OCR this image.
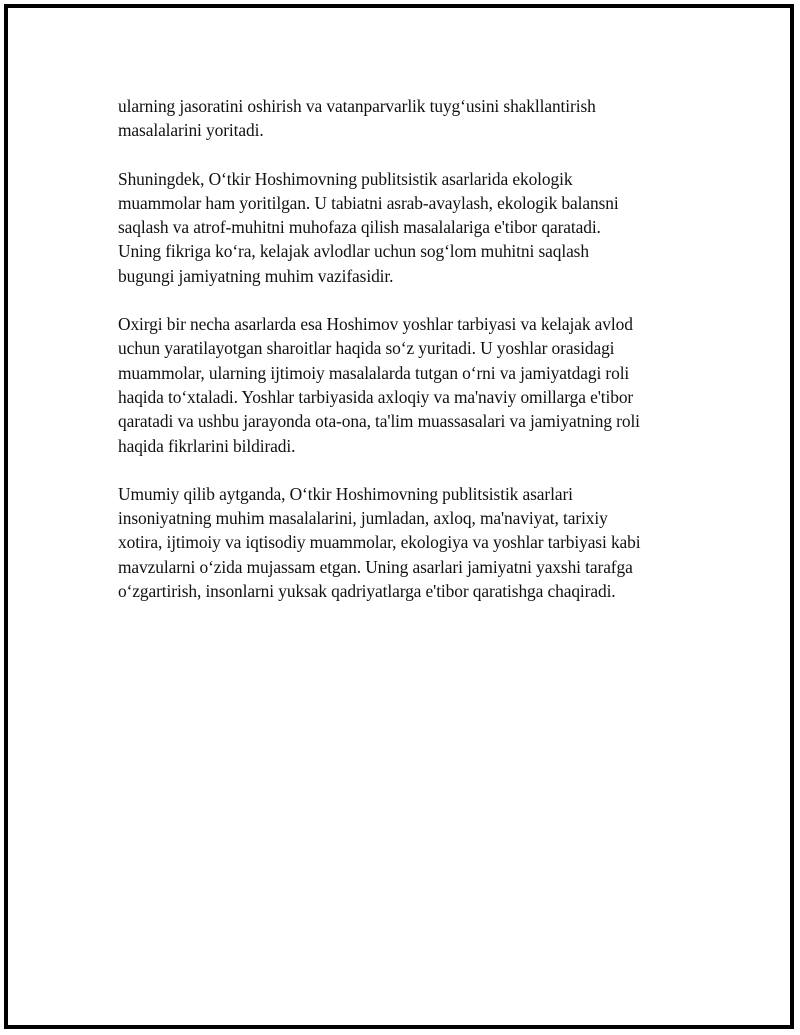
ularning jasoratini oshirish va vatanparvarlik tuyg‘usini shakllantirish
masalalarini yoritadi.

Shuningdek, O‘tkir Hoshimovning publitsistik asarlarida ekologik
muammolar ham yoritilgan. U tabiatni asrab-avaylash, ekologik balansni
saqlash va atrof-muhitni muhofaza qilish masalalariga e'tibor qaratadi.
Uning fikriga ko‘ra, kelajak avlodlar uchun sog‘lom muhitni saqlash
bugungi jamiyatning muhim vazifasidir.

Oxirgi bir necha asarlarda esa Hoshimov yoshlar tarbiyasi va kelajak avlod
uchun yaratilayotgan sharoitlar haqida so‘z yuritadi. U yoshlar orasidagi
muammolar, ularning ijtimoiy masalalarda tutgan o‘rni va jamiyatdagi roli
haqida to‘xtaladi. Yoshlar tarbiyasida axloqiy va ma'naviy omillarga e'tibor
qaratadi va ushbu jarayonda ota-ona, ta'lim muassasalari va jamiyatning roli
haqida fikrlarini bildiradi.

Umumiy qilib aytganda, O‘tkir Hoshimovning publitsistik asarlari
insoniyatning muhim masalalarini, jumladan, axloq, ma'naviyat, tarixiy
xotira, ijtimoiy va iqtisodiy muammolar, ekologiya va yoshlar tarbiyasi kabi
mavzularni o‘zida mujassam etgan. Uning asarlari jamiyatni yaxshi tarafga
o‘zgartirish, insonlarni yuksak qadriyatlarga e'tibor qaratishga chaqiradi.
